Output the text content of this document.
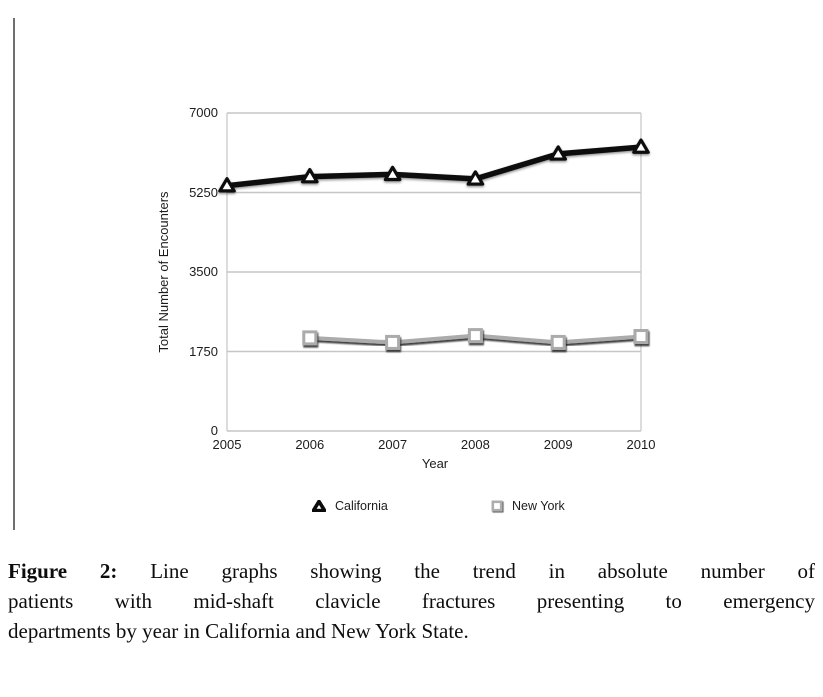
Total Number of Encounters
Year
California	New York
0
1750
3500
5250
7000
2005	2006	2007	2008	2009	2010
Figure 2: Line graphs showing the trend in absolute number of
patients with mid-shaft clavicle fractures presenting to emergency
departments by year in California and New York State.
